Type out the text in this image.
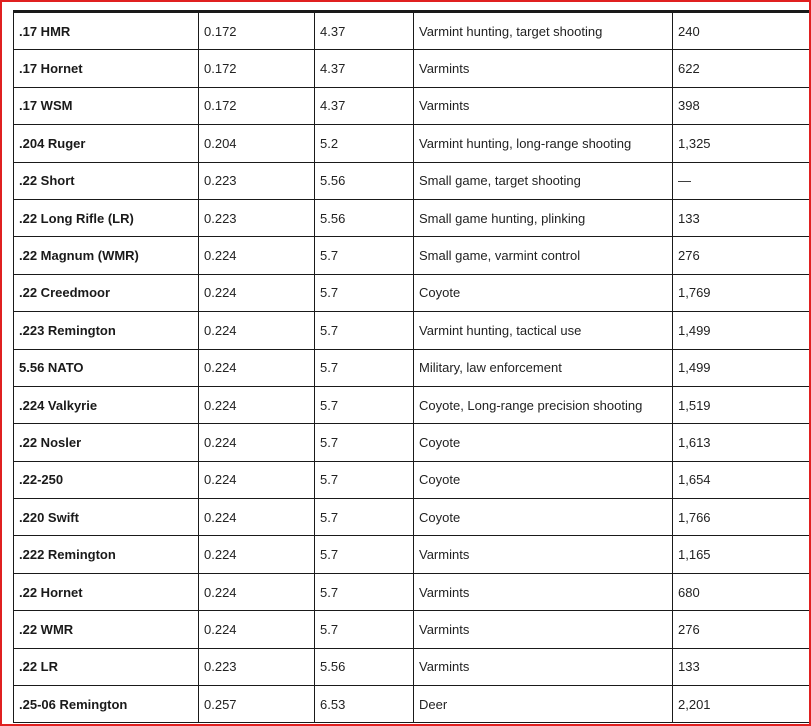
.17 HMR	0.172	4.37	Varmint hunting, target shooting	240
.17 Hornet	0.172	4.37	Varmints	622
.17 WSM	0.172	4.37	Varmints	398
.204 Ruger	0.204	5.2	Varmint hunting, long-range shooting	1,325
.22 Short	0.223	5.56	Small game, target shooting	—
.22 Long Rifle (LR)	0.223	5.56	Small game hunting, plinking	133
.22 Magnum (WMR)	0.224	5.7	Small game, varmint control	276
.22 Creedmoor	0.224	5.7	Coyote	1,769
.223 Remington	0.224	5.7	Varmint hunting, tactical use	1,499
5.56 NATO	0.224	5.7	Military, law enforcement	1,499
.224 Valkyrie	0.224	5.7	Coyote, Long-range precision shooting	1,519
.22 Nosler	0.224	5.7	Coyote	1,613
.22-250	0.224	5.7	Coyote	1,654
.220 Swift	0.224	5.7	Coyote	1,766
.222 Remington	0.224	5.7	Varmints	1,165
.22 Hornet	0.224	5.7	Varmints	680
.22 WMR	0.224	5.7	Varmints	276
.22 LR	0.223	5.56	Varmints	133
.25-06 Remington	0.257	6.53	Deer	2,201
